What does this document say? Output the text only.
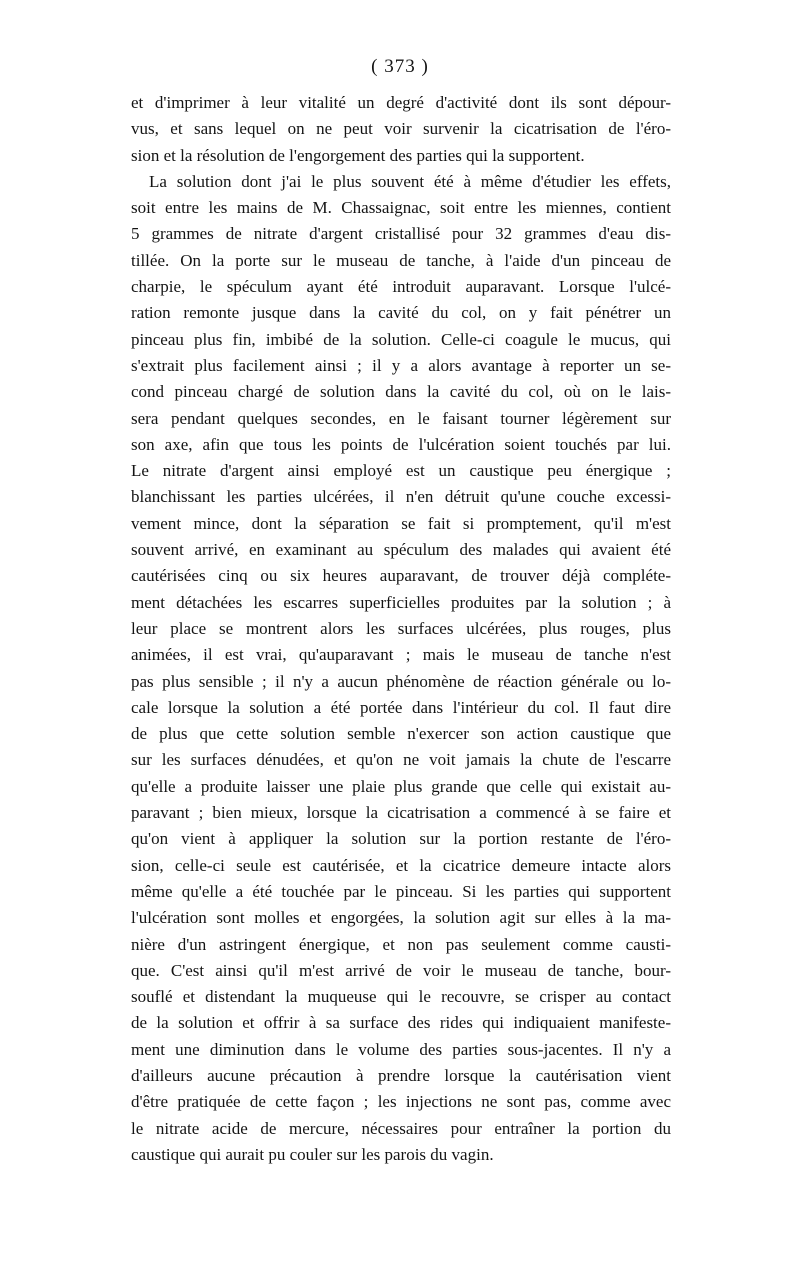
( 373 )
et d'imprimer à leur vitalité un degré d'activité dont ils sont dépour-
vus, et sans lequel on ne peut voir survenir la cicatrisation de l'éro-
sion et la résolution de l'engorgement des parties qui la supportent.
La solution dont j'ai le plus souvent été à même d'étudier les effets,
soit entre les mains de M. Chassaignac, soit entre les miennes, contient
5 grammes de nitrate d'argent cristallisé pour 32 grammes d'eau dis-
tillée. On la porte sur le museau de tanche, à l'aide d'un pinceau de
charpie, le spéculum ayant été introduit auparavant. Lorsque l'ulcé-
ration remonte jusque dans la cavité du col, on y fait pénétrer un
pinceau plus fin, imbibé de la solution. Celle-ci coagule le mucus, qui
s'extrait plus facilement ainsi ; il y a alors avantage à reporter un se-
cond pinceau chargé de solution dans la cavité du col, où on le lais-
sera pendant quelques secondes, en le faisant tourner légèrement sur
son axe, afin que tous les points de l'ulcération soient touchés par lui.
Le nitrate d'argent ainsi employé est un caustique peu énergique ;
blanchissant les parties ulcérées, il n'en détruit qu'une couche excessi-
vement mince, dont la séparation se fait si promptement, qu'il m'est
souvent arrivé, en examinant au spéculum des malades qui avaient été
cautérisées cinq ou six heures auparavant, de trouver déjà compléte-
ment détachées les escarres superficielles produites par la solution ; à
leur place se montrent alors les surfaces ulcérées, plus rouges, plus
animées, il est vrai, qu'auparavant ; mais le museau de tanche n'est
pas plus sensible ; il n'y a aucun phénomène de réaction générale ou lo-
cale lorsque la solution a été portée dans l'intérieur du col. Il faut dire
de plus que cette solution semble n'exercer son action caustique que
sur les surfaces dénudées, et qu'on ne voit jamais la chute de l'escarre
qu'elle a produite laisser une plaie plus grande que celle qui existait au-
paravant ; bien mieux, lorsque la cicatrisation a commencé à se faire et
qu'on vient à appliquer la solution sur la portion restante de l'éro-
sion, celle-ci seule est cautérisée, et la cicatrice demeure intacte alors
même qu'elle a été touchée par le pinceau. Si les parties qui supportent
l'ulcération sont molles et engorgées, la solution agit sur elles à la ma-
nière d'un astringent énergique, et non pas seulement comme causti-
que. C'est ainsi qu'il m'est arrivé de voir le museau de tanche, bour-
souflé et distendant la muqueuse qui le recouvre, se crisper au contact
de la solution et offrir à sa surface des rides qui indiquaient manifeste-
ment une diminution dans le volume des parties sous-jacentes. Il n'y a
d'ailleurs aucune précaution à prendre lorsque la cautérisation vient
d'être pratiquée de cette façon ; les injections ne sont pas, comme avec
le nitrate acide de mercure, nécessaires pour entraîner la portion du
caustique qui aurait pu couler sur les parois du vagin.
